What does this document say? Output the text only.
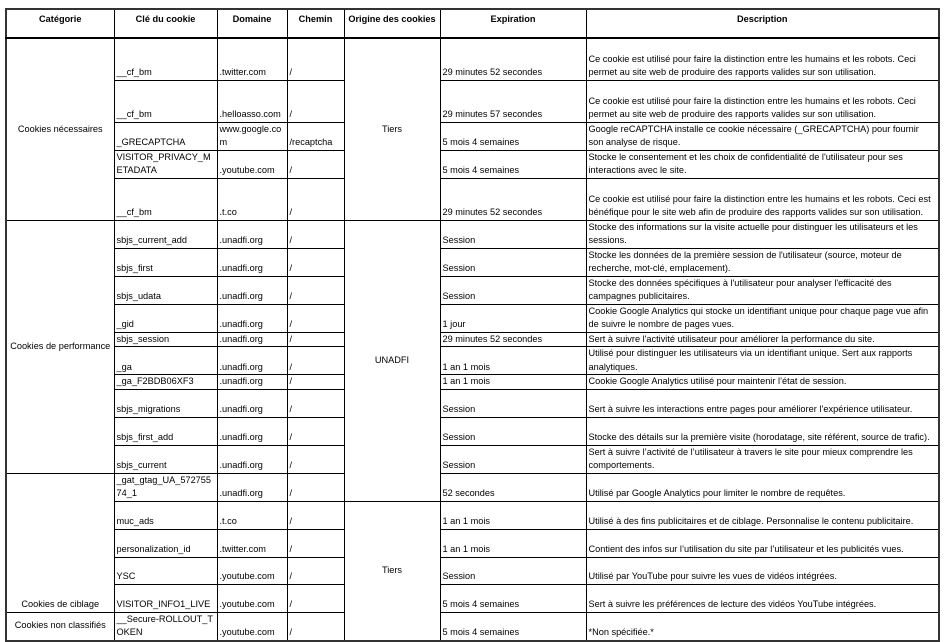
Catégorie	Clé du cookie	Domaine	Chemin	Origine des cookies	Expiration	Description
Cookies nécessaires	__cf_bm	.twitter.com	/	Tiers	29 minutes 52 secondes	Ce cookie est utilisé pour faire la distinction entre les humains et les robots. Ceci permet au site web de produire des rapports valides sur son utilisation.
	__cf_bm	.helloasso.com	/		29 minutes 57 secondes	Ce cookie est utilisé pour faire la distinction entre les humains et les robots. Ceci permet au site web de produire des rapports valides sur son utilisation.
	_GRECAPTCHA	www.google.com	/recaptcha		5 mois 4 semaines	Google reCAPTCHA installe ce cookie nécessaire (_GRECAPTCHA) pour fournir son analyse de risque.
	VISITOR_PRIVACY_METADATA	.youtube.com	/		5 mois 4 semaines	Stocke le consentement et les choix de confidentialité de l'utilisateur pour ses interactions avec le site.
	__cf_bm	.t.co	/		29 minutes 52 secondes	Ce cookie est utilisé pour faire la distinction entre les humains et les robots. Ceci est bénéfique pour le site web afin de produire des rapports valides sur son utilisation.
Cookies de performance	sbjs_current_add	.unadfi.org	/	UNADFI	Session	Stocke des informations sur la visite actuelle pour distinguer les utilisateurs et les sessions.
	sbjs_first	.unadfi.org	/		Session	Stocke les données de la première session de l'utilisateur (source, moteur de recherche, mot-clé, emplacement).
	sbjs_udata	.unadfi.org	/		Session	Stocke des données spécifiques à l'utilisateur pour analyser l'efficacité des campagnes publicitaires.
	_gid	.unadfi.org	/		1 jour	Cookie Google Analytics qui stocke un identifiant unique pour chaque page vue afin de suivre le nombre de pages vues.
	sbjs_session	.unadfi.org	/		29 minutes 52 secondes	Sert à suivre l'activité utilisateur pour améliorer la performance du site.
	_ga	.unadfi.org	/		1 an 1 mois	Utilisé pour distinguer les utilisateurs via un identifiant unique. Sert aux rapports analytiques.
	_ga_F2BDB06XF3	.unadfi.org	/		1 an 1 mois	Cookie Google Analytics utilisé pour maintenir l’état de session.
	sbjs_migrations	.unadfi.org	/		Session	Sert à suivre les interactions entre pages pour améliorer l’expérience utilisateur.
	sbjs_first_add	.unadfi.org	/		Session	Stocke des détails sur la première visite (horodatage, site référent, source de trafic).
	sbjs_current	.unadfi.org	/		Session	Sert à suivre l’activité de l’utilisateur à travers le site pour mieux comprendre les comportements.
Cookies de ciblage	_gat_gtag_UA_57275574_1	.unadfi.org	/		52 secondes	Utilisé par Google Analytics pour limiter le nombre de requêtes.
	muc_ads	.t.co	/	Tiers	1 an 1 mois	Utilisé à des fins publicitaires et de ciblage. Personnalise le contenu publicitaire.
	personalization_id	.twitter.com	/		1 an 1 mois	Contient des infos sur l’utilisation du site par l’utilisateur et les publicités vues.
	YSC	.youtube.com	/		Session	Utilisé par YouTube pour suivre les vues de vidéos intégrées.
	VISITOR_INFO1_LIVE	.youtube.com	/		5 mois 4 semaines	Sert à suivre les préférences de lecture des vidéos YouTube intégrées.
Cookies non classifiés	__Secure-ROLLOUT_TOKEN	.youtube.com	/		5 mois 4 semaines	*Non spécifiée.*
